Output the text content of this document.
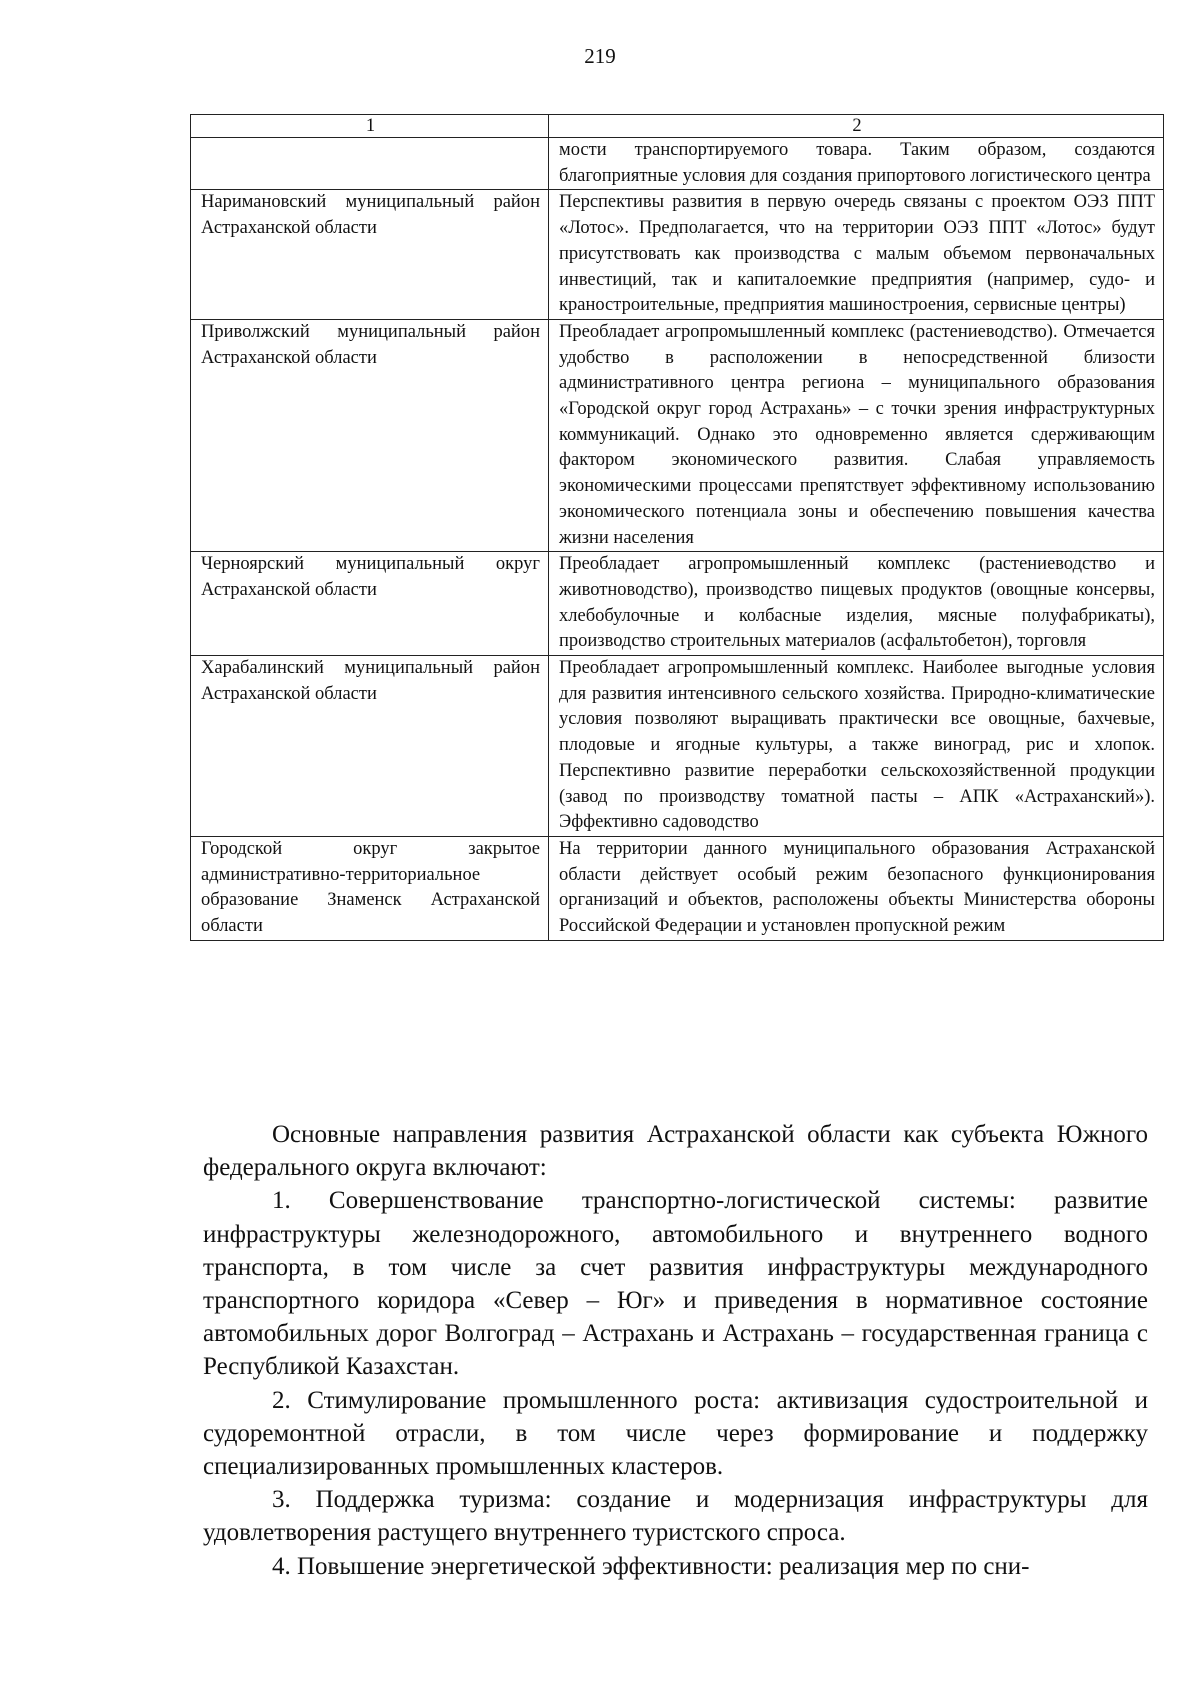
219
1	2
	мости транспортируемого товара. Таким образом, создаются благоприятные условия для создания припортового логистического центра
Наримановский муниципальный район Астраханской области	Перспективы развития в первую очередь связаны с проектом ОЭЗ ППТ «Лотос». Предполагается, что на территории ОЭЗ ППТ «Лотос» будут присутствовать как производства с малым объемом первоначальных инвестиций, так и капиталоемкие предприятия (например, судо- и краностроительные, предприятия машиностроения, сервисные центры)
Приволжский муниципальный район Астраханской области	Преобладает агропромышленный комплекс (растениеводство). Отмечается удобство в расположении в непосредственной близости административного центра региона – муниципального образования «Городской округ город Астрахань» – с точки зрения инфраструктурных коммуникаций. Однако это одновременно является сдерживающим фактором экономического развития. Слабая управляемость экономическими процессами препятствует эффективному использованию экономического потенциала зоны и обеспечению повышения качества жизни населения
Черноярский муниципальный округ Астраханской области	Преобладает агропромышленный комплекс (растениеводство и животноводство), производство пищевых продуктов (овощные консервы, хлебобулочные и колбасные изделия, мясные полуфабрикаты), производство строительных материалов (асфальтобетон), торговля
Харабалинский муниципальный район Астраханской области	Преобладает агропромышленный комплекс. Наиболее выгодные условия для развития интенсивного сельского хозяйства. Природно-климатические условия позволяют выращивать практически все овощные, бахчевые, плодовые и ягодные культуры, а также виноград, рис и хлопок. Перспективно развитие переработки сельскохозяйственной продукции (завод по производству томатной пасты – АПК «Астраханский»). Эффективно садоводство
Городской округ закрытое административно-территориальное образование Знаменск Астраханской области	На территории данного муниципального образования Астраханской области действует особый режим безопасного функционирования организаций и объектов, расположены объекты Министерства обороны Российской Федерации и установлен пропускной режим

Основные направления развития Астраханской области как субъекта Южного федерального округа включают:

1. Совершенствование транспортно-логистической системы: развитие инфраструктуры железнодорожного, автомобильного и внутреннего водного транспорта, в том числе за счет развития инфраструктуры международного транспортного коридора «Север – Юг» и приведения в нормативное состояние автомобильных дорог Волгоград – Астрахань и Астрахань – государственная граница с Республикой Казахстан.

2. Стимулирование промышленного роста: активизация судостроительной и судоремонтной отрасли, в том числе через формирование и поддержку специализированных промышленных кластеров.

3. Поддержка туризма: создание и модернизация инфраструктуры для удовлетворения растущего внутреннего туристского спроса.

4. Повышение энергетической эффективности: реализация мер по сни-
